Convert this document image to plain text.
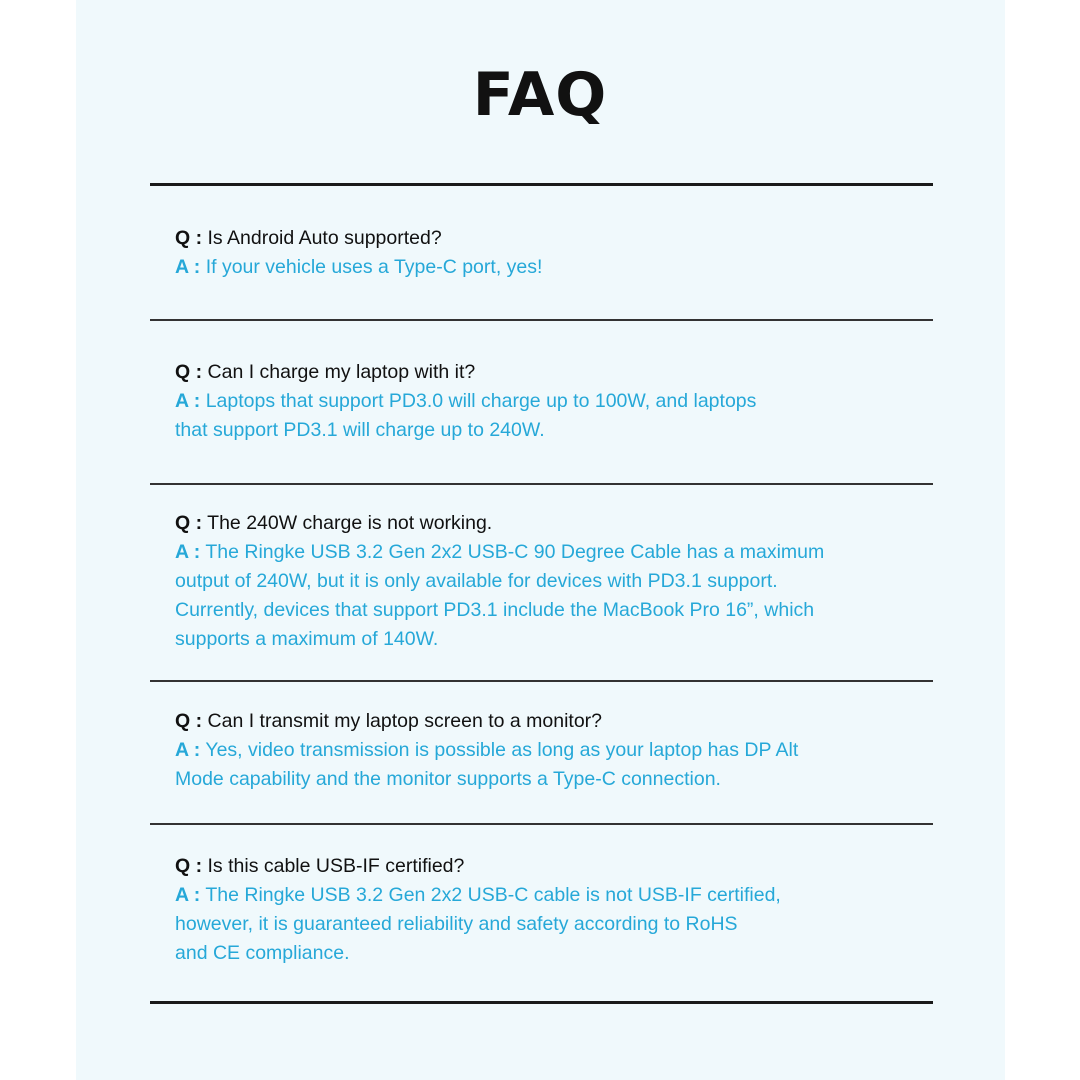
FAQ
Q : Is Android Auto supported?
A : If your vehicle uses a Type-C port, yes!
Q : Can I charge my laptop with it?
A : Laptops that support PD3.0 will charge up to 100W, and laptops
that support PD3.1 will charge up to 240W.
Q : The 240W charge is not working.
A : The Ringke USB 3.2 Gen 2x2 USB-C 90 Degree Cable has a maximum
output of 240W, but it is only available for devices with PD3.1 support.
Currently, devices that support PD3.1 include the MacBook Pro 16”, which
supports a maximum of 140W.
Q : Can I transmit my laptop screen to a monitor?
A : Yes, video transmission is possible as long as your laptop has DP Alt
Mode capability and the monitor supports a Type-C connection.
Q : Is this cable USB-IF certified?
A : The Ringke USB 3.2 Gen 2x2 USB-C cable is not USB-IF certified,
however, it is guaranteed reliability and safety according to RoHS
and CE compliance.
